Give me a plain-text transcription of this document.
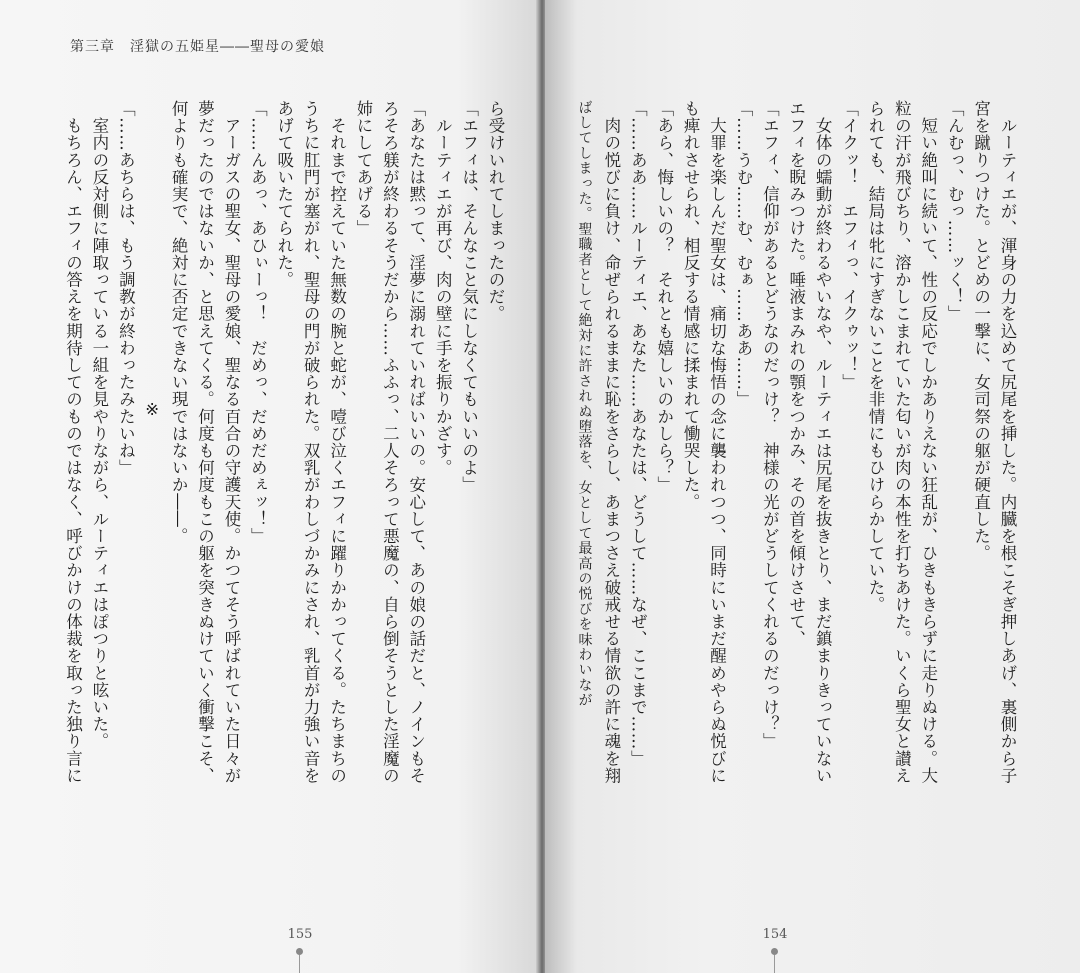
第三章　淫獄の五姫星――聖母の愛娘
ら受けいれてしまったのだ。
「エフィは、そんなこと気にしなくてもいいのよ」
　ルーティエが再び、肉の壁に手を振りかざす。
「あなたは黙って、淫夢に溺れていればいいの。安心して、あの娘の話だと、ノインもそ
ろそろ躾が終わるそうだから……ふふっ、二人そろって悪魔の、自ら倒そうとした淫魔の
姉にしてあげる」
　それまで控えていた無数の腕と蛇が、噎び泣くエフィに躍りかかってくる。たちまちの
うちに肛門が塞がれ、聖母の門が破られた。双乳がわしづかみにされ、乳首が力強い音を
あげて吸いたてられた。
「……んあっ、あひぃーっ！　だめっ、だめだめぇッ！」
　アーガスの聖女、聖母の愛娘、聖なる百合の守護天使。かつてそう呼ばれていた日々が
夢だったのではないか、と思えてくる。何度も何度もこの躯を突きぬけていく衝撃こそ、
何よりも確実で、絶対に否定できない現ではないか――。
※
「……あちらは、もう調教が終わったみたいね」
　室内の反対側に陣取っている一組を見やりながら、ルーティエはぽつりと呟いた。
　もちろん、エフィの答えを期待してのものではなく、呼びかけの体裁を取った独り言に
155
　ルーティエが、渾身の力を込めて尻尾を挿した。内臓を根こそぎ押しあげ、裏側から子
宮を蹴りつけた。とどめの一撃に、女司祭の躯が硬直した。
「んむっ、むっ……ッく！」
　短い絶叫に続いて、性の反応でしかありえない狂乱が、ひきもきらずに走りぬける。大
粒の汗が飛びちり、溶かしこまれていた匂いが肉の本性を打ちあけた。いくら聖女と讃え
られても、結局は牝にすぎないことを非情にもひけらかしていた。
「イクッ！　エフィっ、イクゥッ！」
　女体の蠕動が終わるやいなや、ルーティエは尻尾を抜きとり、まだ鎮まりきっていない
エフィを睨みつけた。唾液まみれの顎をつかみ、その首を傾けさせて、
「エフィ、信仰があるとどうなのだっけ？　神様の光がどうしてくれるのだっけ？」
「……うむ……む、むぁ……ああ……」
　大罪を楽しんだ聖女は、痛切な悔悟の念に襲われつつ、同時にいまだ醒めやらぬ悦びに
も痺れさせられ、相反する情感に揉まれて慟哭した。
「あら、悔しいの？　それとも嬉しいのかしら？」
「……ああ……ルーティエ、あなた……あなたは、どうして……なぜ、ここまで……」
　肉の悦びに負け、命ぜられるままに恥をさらし、あまつさえ破戒せる情欲の許に魂を翔
ばしてしまった。聖職者として絶対に許されぬ堕落を、女として最高の悦びを味わいなが
154
